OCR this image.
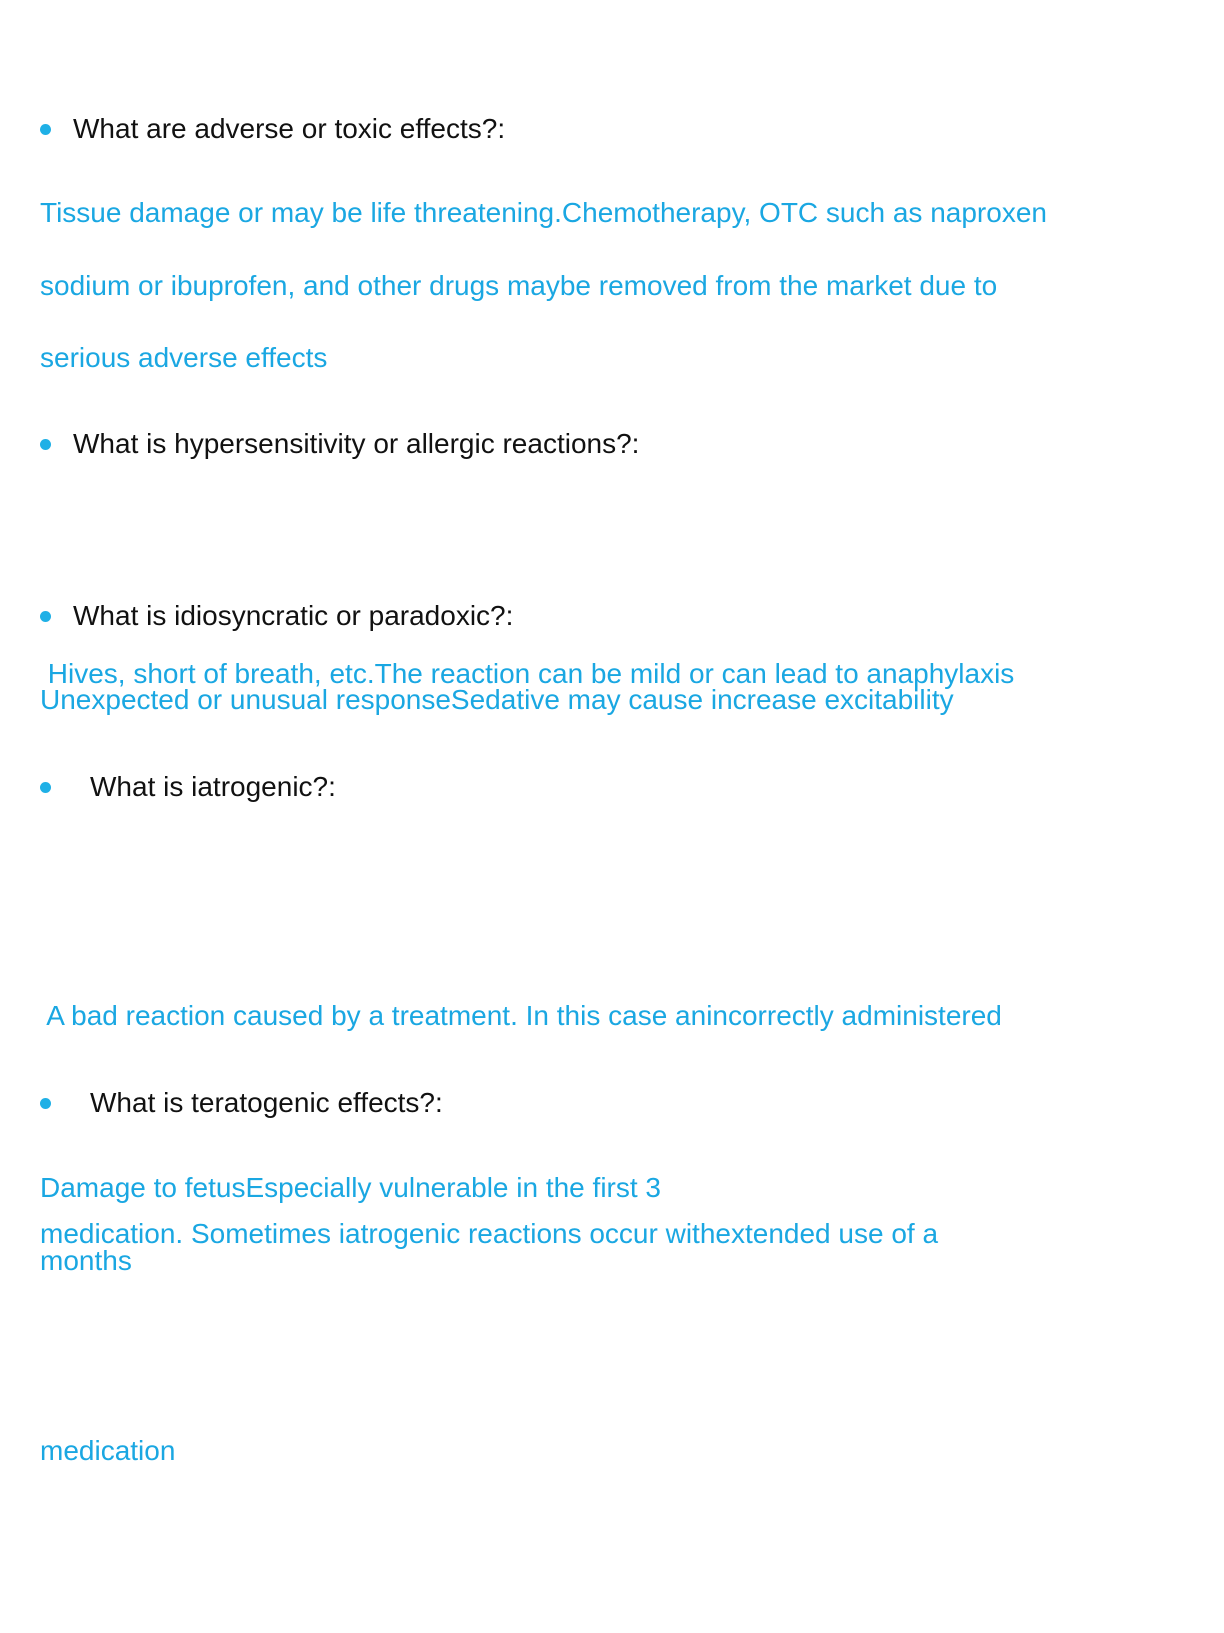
What are adverse or toxic effects?:
Tissue damage or may be life threatening.Chemotherapy, OTC such as naproxen
sodium or ibuprofen, and other drugs maybe removed from the market due to
serious adverse effects
What is hypersensitivity or allergic reactions?:

Hives, short of breath, etc.The reaction can be mild or can lead to anaphylaxis

What is idiosyncratic or paradoxic?:
Unexpected or unusual responseSedative may cause increase excitability
What is iatrogenic?:

A bad reaction caused by a treatment. In this case anincorrectly administered

medication. Sometimes iatrogenic reactions occur withextended use of a

medication

What is teratogenic effects?:
Damage to fetusEspecially vulnerable in the first 3
months
